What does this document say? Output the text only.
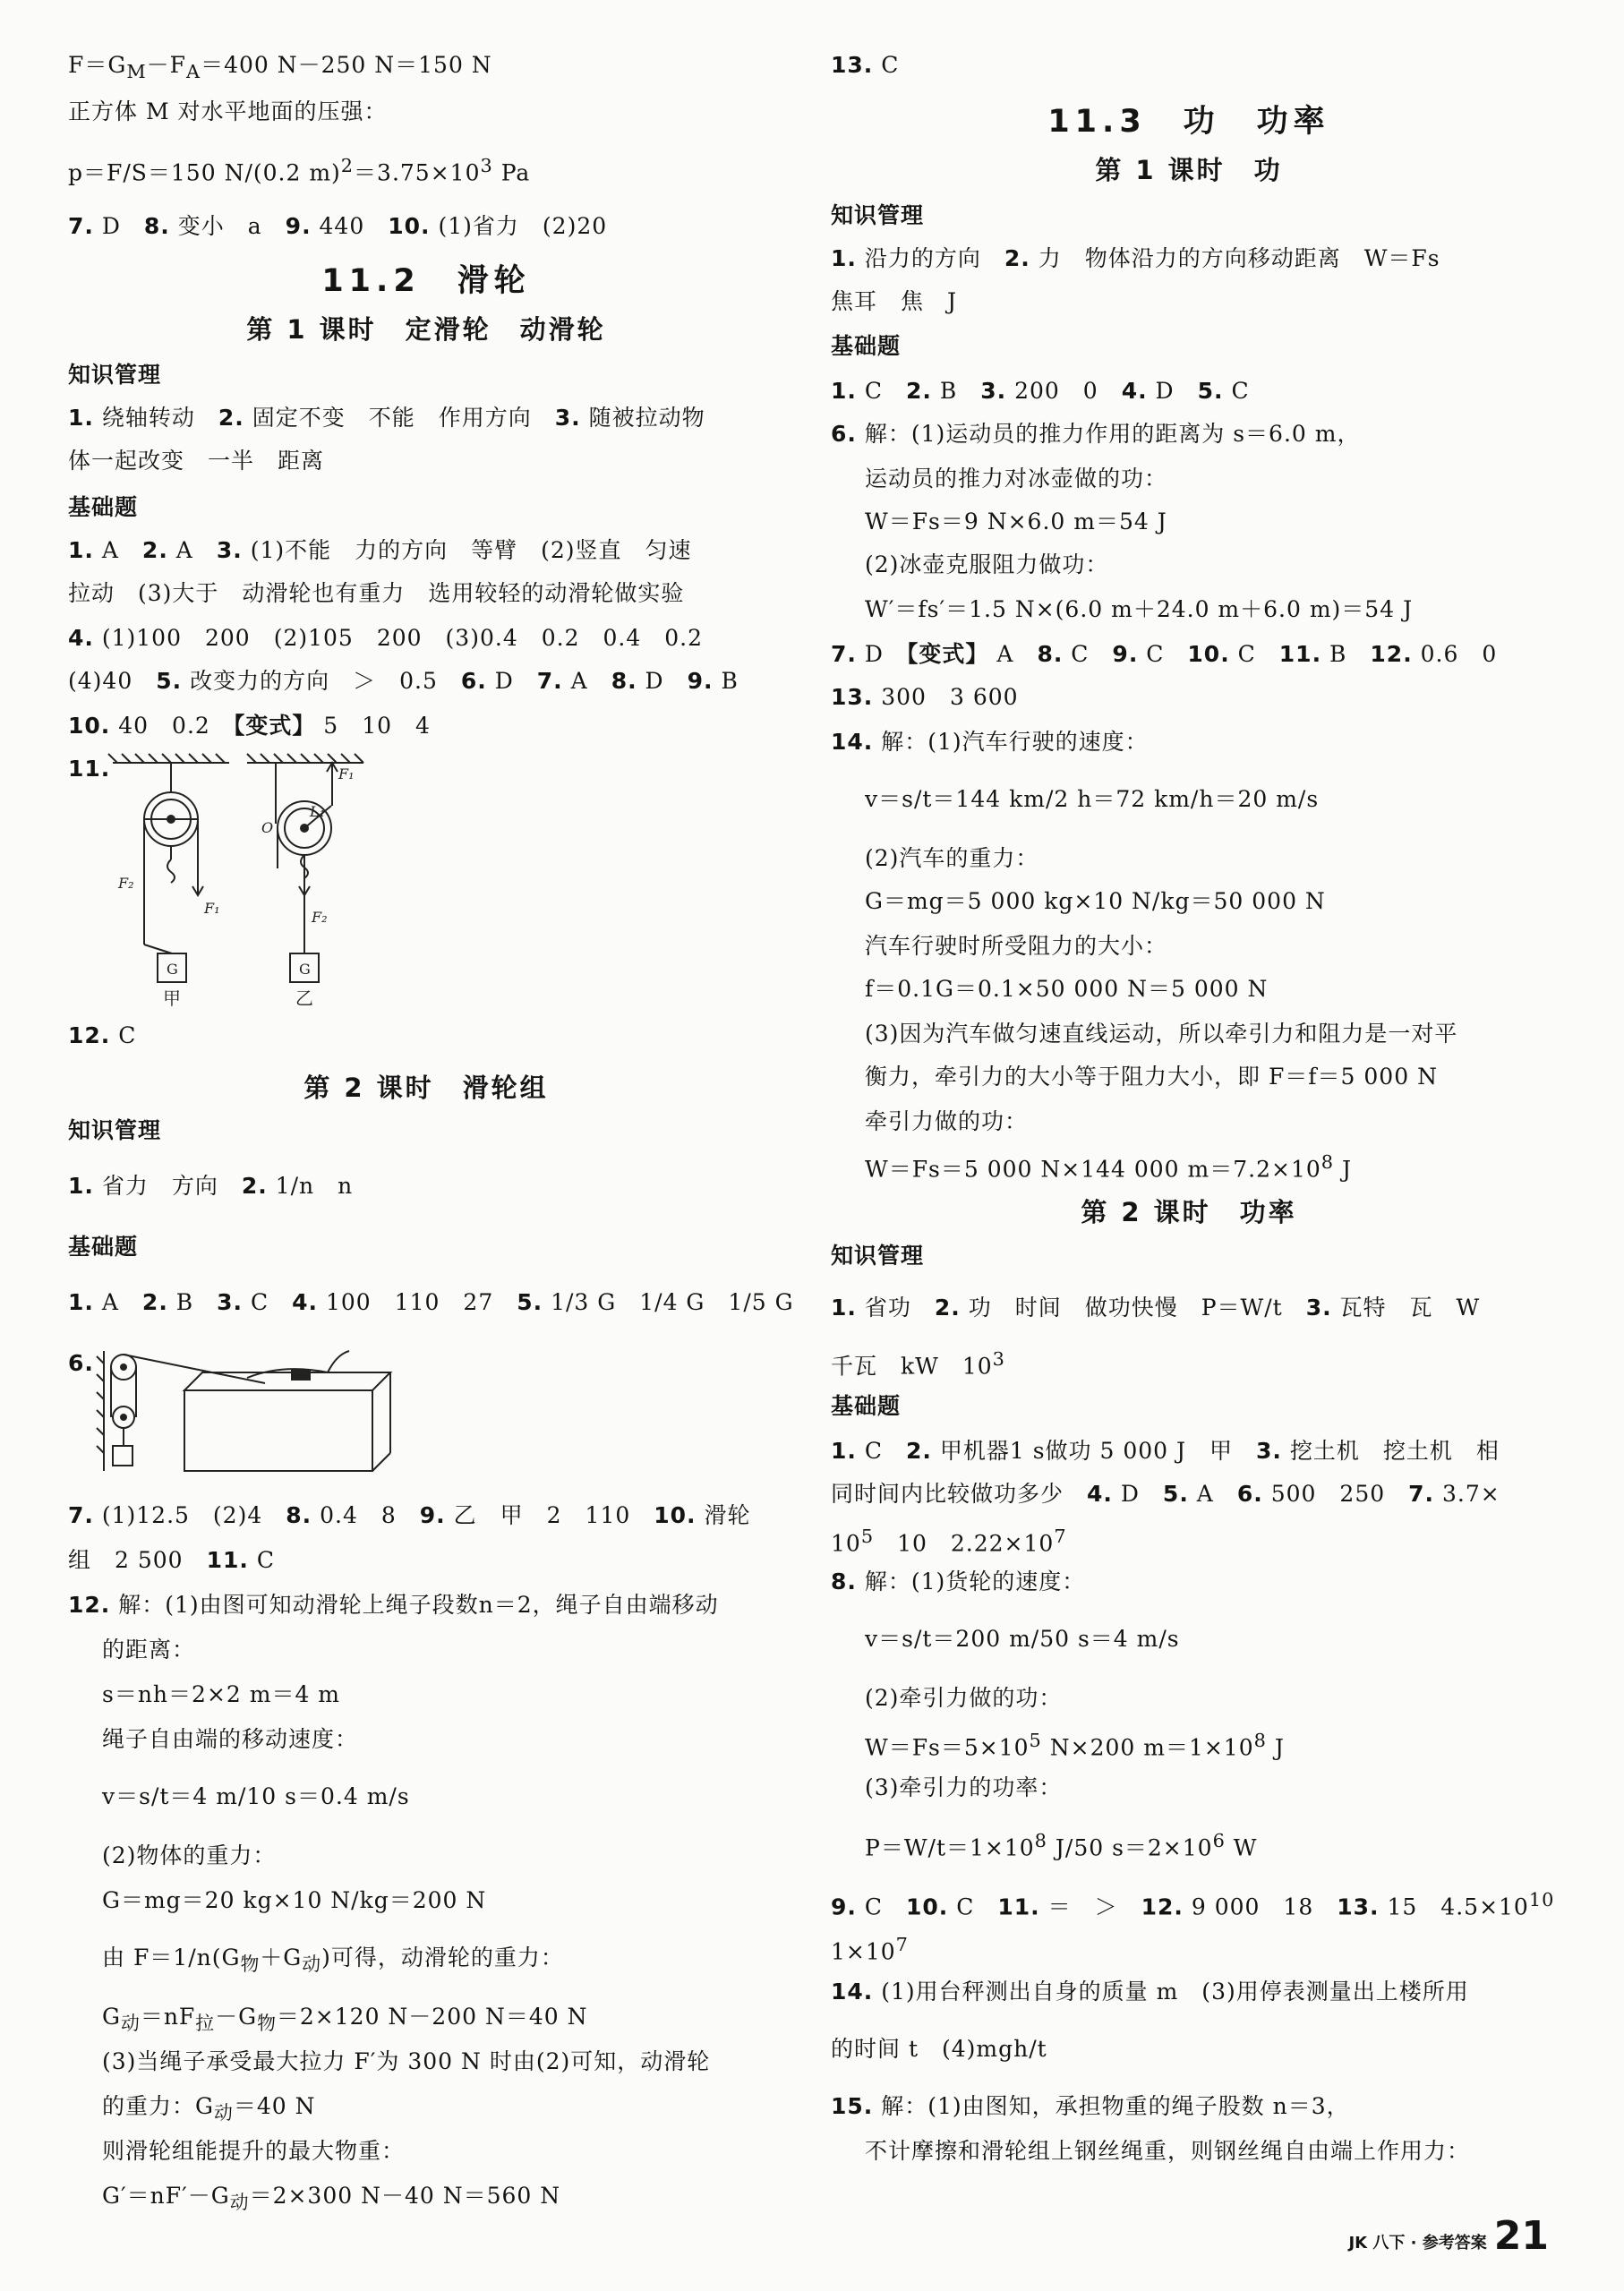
$F=G_M-F_A=400$ N－250 N＝150 N
正方体 M 对水平地面的压强：
p＝F/S＝150 N/(0.2 $m)^2=3.75\times 10^3$ Pa
7. D　8. 变小　a　9. 440　10. (1)省力　(2)20
11.2　滑轮
第 1 课时　定滑轮　动滑轮
知识管理
1. 绕轴转动　2. 固定不变　不能　作用方向　3. 随被拉动物
体一起改变　一半　距离
基础题
1. A　2. A　3. (1)不能　力的方向　等臂　(2)竖直　匀速
拉动　(3)大于　动滑轮也有重力　选用较轻的动滑轮做实验
4. (1)100　200　(2)105　200　(3)0.4　0.2　0.4　0.2
(4)40　5. 改变力的方向　＞　0.5　6. D　7. A　8. D　9. B
10. 40　0.2　【变式】 5　10　4
11.
F₂
F₁
G
F₁
L₁
O
F₂
G
甲	乙
12. C
第 2 课时　滑轮组
知识管理
1. 省力　方向　2. 1/n　n
基础题
1. A　2. B　3. C　4. 100　110　27　5. 1/3 G　1/4 G　1/5 G
6.
7. (1)12.5　(2)4　8. 0.4　8　9. 乙　甲　2　110　10. 滑轮
组　2 500　11. C
12. 解：(1)由图可知动滑轮上绳子段数n＝2，绳子自由端移动
的距离：
s＝nh＝2×2 m＝4 m
绳子自由端的移动速度：
v＝s/t＝4 m/10 s＝0.4 m/s
(2)物体的重力：
G＝mg＝20 kg×10 N/kg＝200 N
由 $F=1/n(G_物+G_动)$可得，动滑轮的重力：
$G_动=nF_拉-G_物=2\times 120$ N－200 N＝40 N
(3)当绳子承受最大拉力 F′为 300 N 时由(2)可知，动滑轮
的重力：$G_动=40$ N
则滑轮组能提升的最大物重：
$G'=nF'-G_动=2\times 300$ N－40 N＝560 N
13. C
11.3　功　功率
第 1 课时　功
知识管理
1. 沿力的方向　2. 力　物体沿力的方向移动距离　W＝Fs
焦耳　焦　J
基础题
1. C　2. B　3. 200　0　4. D　5. C
6. 解：(1)运动员的推力作用的距离为 s＝6.0 m，
运动员的推力对冰壶做的功：
W＝Fs＝9 N×6.0 m＝54 J
(2)冰壶克服阻力做功：
W′＝fs′＝1.5 N×(6.0 m＋24.0 m＋6.0 m)＝54 J
7. D　【变式】 A　8. C　9. C　10. C　11. B　12. 0.6　0
13. 300　3 600
14. 解：(1)汽车行驶的速度：
v＝s/t＝144 km/2 h＝72 km/h＝20 m/s
(2)汽车的重力：
G＝mg＝5 000 kg×10 N/kg＝50 000 N
汽车行驶时所受阻力的大小：
f＝0.1G＝0.1×50 000 N＝5 000 N
(3)因为汽车做匀速直线运动，所以牵引力和阻力是一对平
衡力，牵引力的大小等于阻力大小，即 F＝f＝5 000 N
牵引力做的功：
W＝Fs＝5 000 N×144 000 $m=7.2\times 10^8$ J
第 2 课时　功率
知识管理
1. 省功　2. 功　时间　做功快慢　P＝W/t　3. 瓦特　瓦　W
千瓦　kW　$10^3$
基础题
1. C　2. 甲机器1 s做功 5 000 J　甲　3. 挖土机　挖土机　相
同时间内比较做功多少　4. D　5. A　6. 500　250　7. 3.7×
$10^5$　10　$2.22\times 10^7$
8. 解：(1)货轮的速度：
v＝s/t＝200 m/50 s＝4 m/s
(2)牵引力做的功：
$W=Fs=5\times 10^5$ N×200 $m=1\times 10^8$ J
(3)牵引力的功率：
$P=W/t=1\times 10^8$ J/50 $s=2\times 10^6$ W
9. C　10. C　11. ＝　＞　12. 9 000　18　13. 15　$4.5\times 10^{10}$
$1\times 10^7$
14. (1)用台秤测出自身的质量 m　(3)用停表测量出上楼所用
的时间 t　(4)mgh/t
15. 解：(1)由图知，承担物重的绳子股数 n＝3，
不计摩擦和滑轮组上钢丝绳重，则钢丝绳自由端上作用力：
JK 八下 · 参考答案 21
